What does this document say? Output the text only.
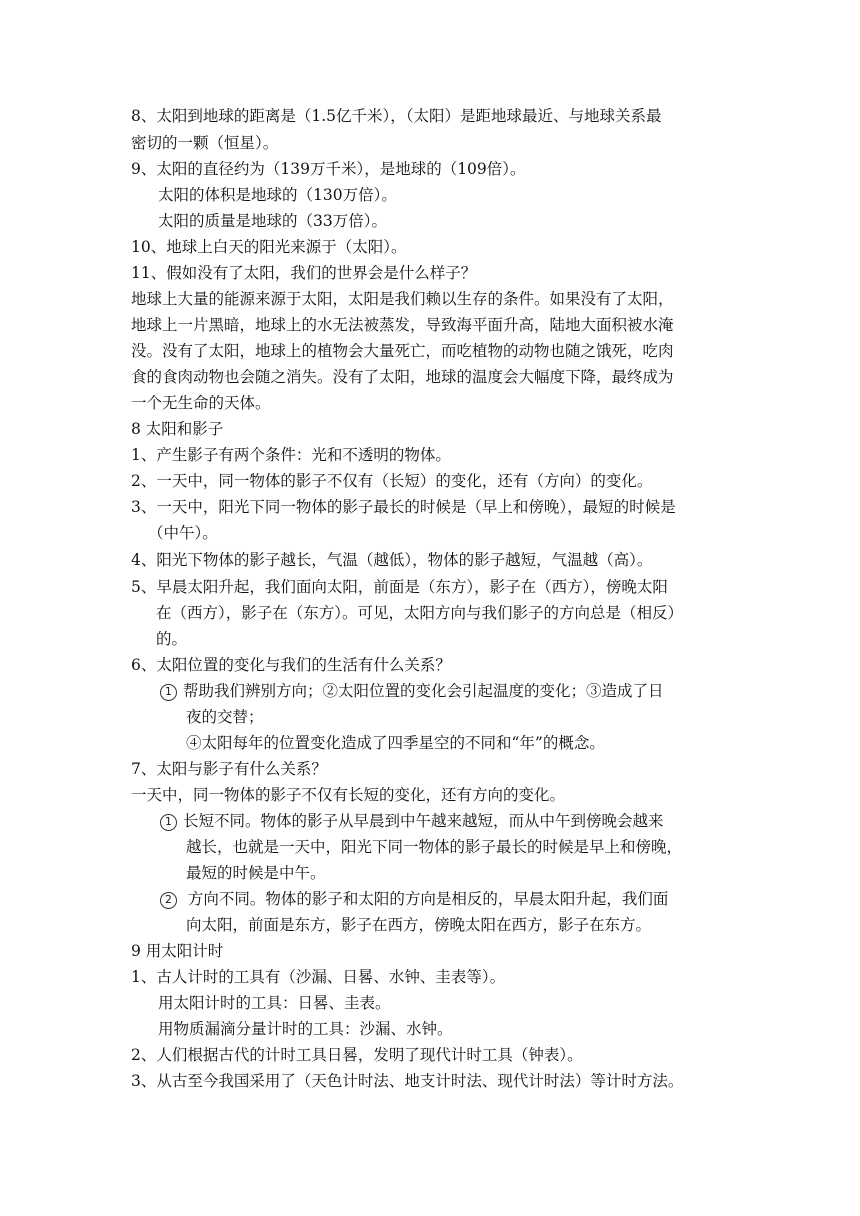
8、太阳到地球的距离是（1.5亿千米），（太阳）是距地球最近、与地球关系最
密切的一颗（恒星）。
9、太阳的直径约为（139万千米），是地球的（109倍）。
太阳的体积是地球的（130万倍）。
太阳的质量是地球的（33万倍）。
10、地球上白天的阳光来源于（太阳）。
11、假如没有了太阳，我们的世界会是什么样子？
地球上大量的能源来源于太阳，太阳是我们赖以生存的条件。如果没有了太阳，
地球上一片黑暗，地球上的水无法被蒸发，导致海平面升高，陆地大面积被水淹
没。没有了太阳，地球上的植物会大量死亡，而吃植物的动物也随之饿死，吃肉
食的食肉动物也会随之消失。没有了太阳，地球的温度会大幅度下降，最终成为
一个无生命的天体。
8 太阳和影子
1、产生影子有两个条件：光和不透明的物体。
2、一天中，同一物体的影子不仅有（长短）的变化，还有（方向）的变化。
3、一天中，阳光下同一物体的影子最长的时候是（早上和傍晚），最短的时候是
（中午）。
4、阳光下物体的影子越长，气温（越低），物体的影子越短，气温越（高）。
5、早晨太阳升起，我们面向太阳，前面是（东方），影子在（西方），傍晚太阳
在（西方），影子在（东方）。可见，太阳方向与我们影子的方向总是（相反）
的。
6、太阳位置的变化与我们的生活有什么关系？
1 帮助我们辨别方向；②太阳位置的变化会引起温度的变化；③造成了日
夜的交替；
④太阳每年的位置变化造成了四季星空的不同和“年”的概念。
7、太阳与影子有什么关系？
一天中，同一物体的影子不仅有长短的变化，还有方向的变化。
1 长短不同。物体的影子从早晨到中午越来越短，而从中午到傍晚会越来
越长，也就是一天中，阳光下同一物体的影子最长的时候是早上和傍晚，
最短的时候是中午。
2 方向不同。物体的影子和太阳的方向是相反的，早晨太阳升起，我们面
向太阳，前面是东方，影子在西方，傍晚太阳在西方，影子在东方。
9 用太阳计时
1、古人计时的工具有（沙漏、日晷、水钟、圭表等）。
用太阳计时的工具：日晷、圭表。
用物质漏滴分量计时的工具：沙漏、水钟。
2、人们根据古代的计时工具日晷，发明了现代计时工具（钟表）。
3、从古至今我国采用了（天色计时法、地支计时法、现代计时法）等计时方法。
